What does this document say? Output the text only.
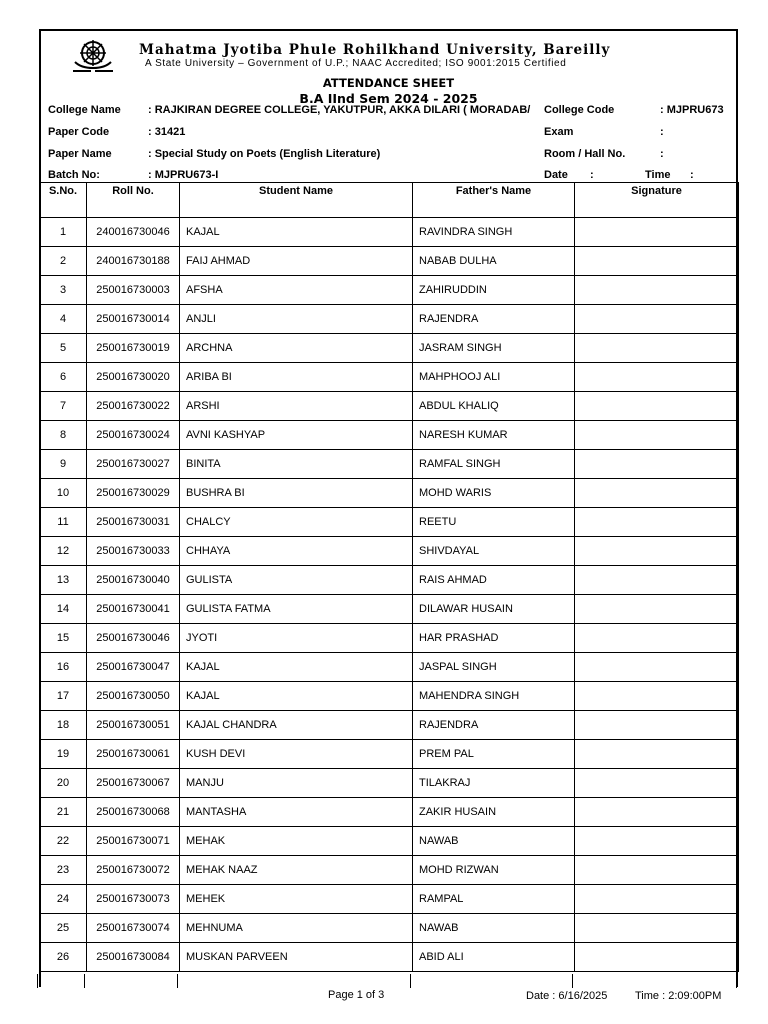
Mahatma Jyotiba Phule Rohilkhand University, Bareilly
A State University – Government of U.P.; NAAC Accredited; ISO 9001:2015 Certified
ATTENDANCE SHEET
B.A IInd Sem 2024 - 2025
College Name : RAJKIRAN DEGREE COLLEGE, YAKUTPUR, AKKA DILARI ( MORADAB/ College Code	: MJPRU673
Paper Code	: 31421	Exam	:
Paper Name	: Special Study on Poets (English Literature)	Room / Hall No.	:
Batch No:	: MJPRU673-I	Date :	Time :
S.No.	Roll No.	Student Name	Father's Name	Signature
1	240016730046	KAJAL	RAVINDRA SINGH	
2	240016730188	FAIJ AHMAD	NABAB DULHA	
3	250016730003	AFSHA	ZAHIRUDDIN	
4	250016730014	ANJLI	RAJENDRA	
5	250016730019	ARCHNA	JASRAM SINGH	
6	250016730020	ARIBA BI	MAHPHOOJ ALI	
7	250016730022	ARSHI	ABDUL KHALIQ	
8	250016730024	AVNI KASHYAP	NARESH KUMAR	
9	250016730027	BINITA	RAMFAL SINGH	
10	250016730029	BUSHRA BI	MOHD WARIS	
11	250016730031	CHALCY	REETU	
12	250016730033	CHHAYA	SHIVDAYAL	
13	250016730040	GULISTA	RAIS AHMAD	
14	250016730041	GULISTA FATMA	DILAWAR HUSAIN	
15	250016730046	JYOTI	HAR PRASHAD	
16	250016730047	KAJAL	JASPAL SINGH	
17	250016730050	KAJAL	MAHENDRA SINGH	
18	250016730051	KAJAL CHANDRA	RAJENDRA	
19	250016730061	KUSH DEVI	PREM PAL	
20	250016730067	MANJU	TILAKRAJ	
21	250016730068	MANTASHA	ZAKIR HUSAIN	
22	250016730071	MEHAK	NAWAB	
23	250016730072	MEHAK NAAZ	MOHD RIZWAN	
24	250016730073	MEHEK	RAMPAL	
25	250016730074	MEHNUMA	NAWAB	
26	250016730084	MUSKAN PARVEEN	ABID ALI	
Page 1 of 3	Date : 6/16/2025	Time : 2:09:00PM
